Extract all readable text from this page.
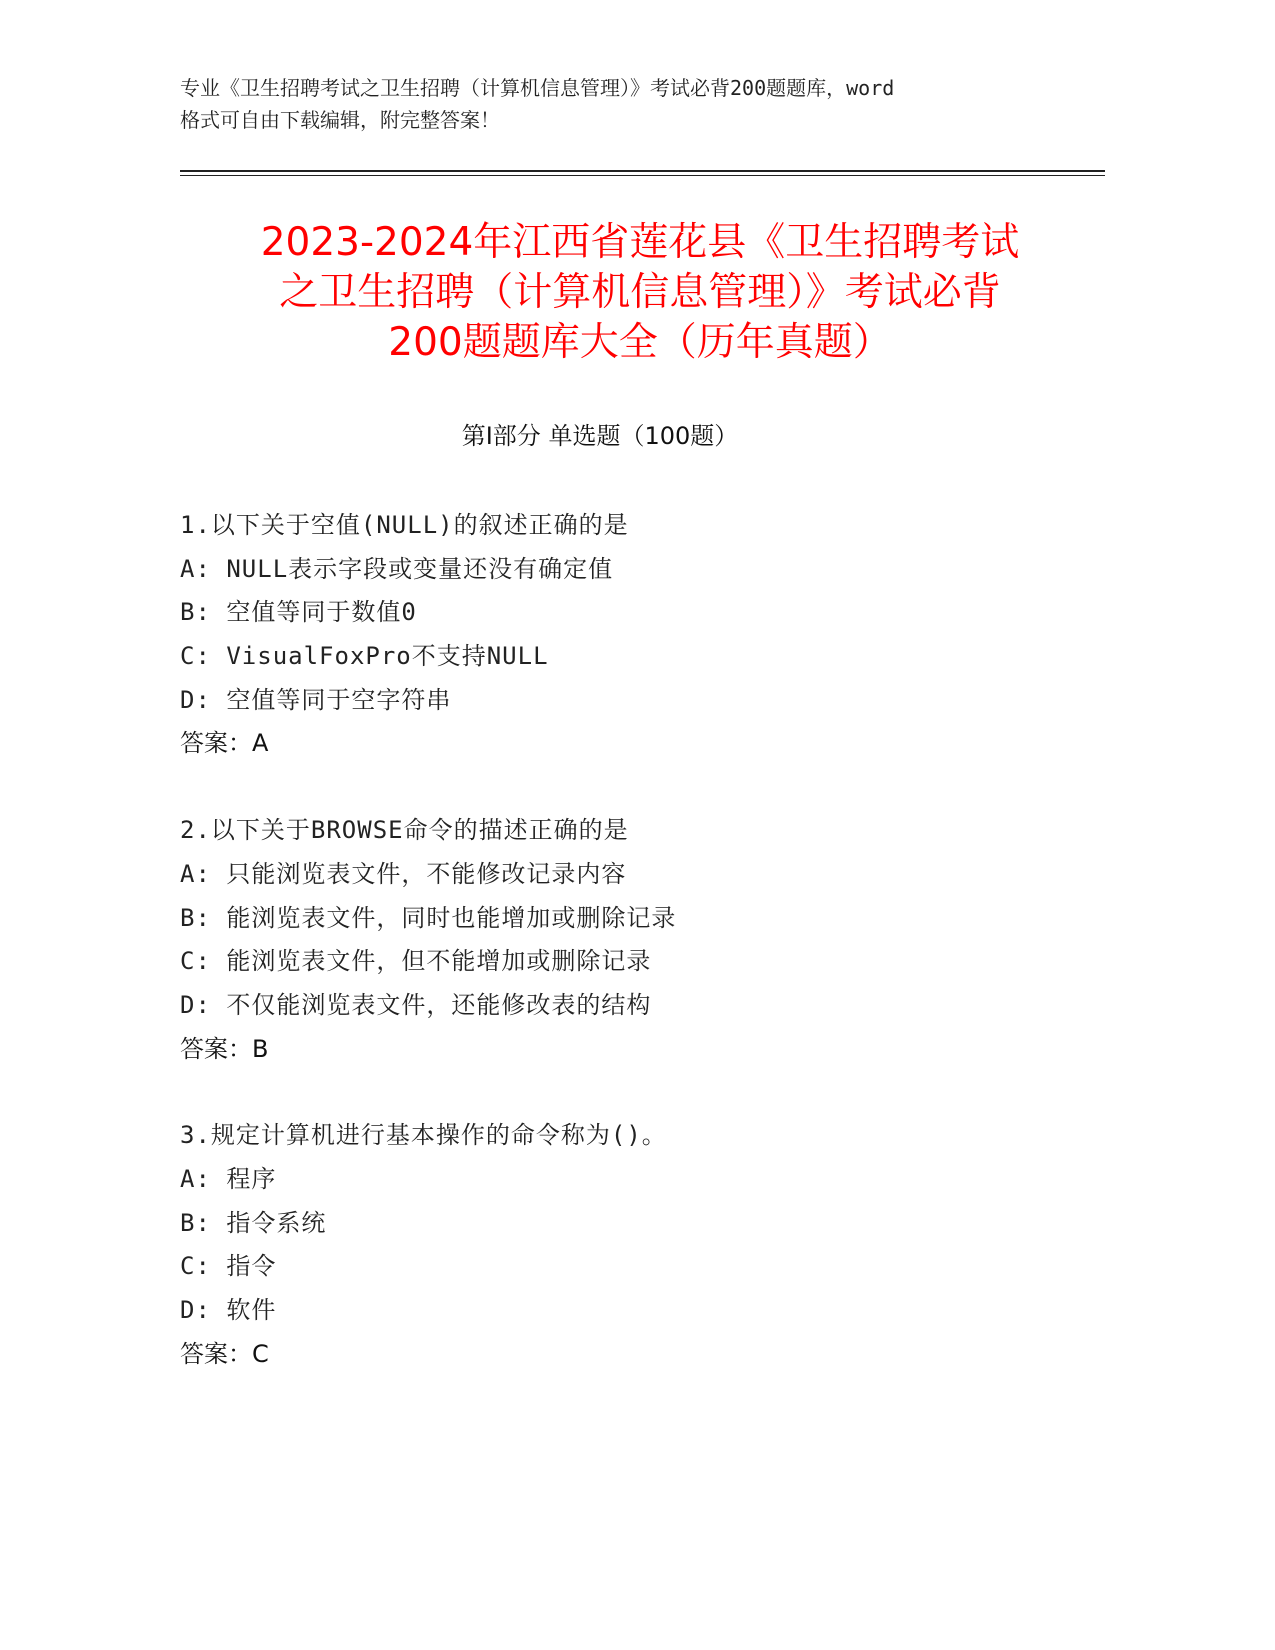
专业《卫生招聘考试之卫生招聘（计算机信息管理）》考试必背200题题库，word
格式可自由下载编辑，附完整答案！
2023-2024年江西省莲花县《卫生招聘考试
之卫生招聘（计算机信息管理）》考试必背
200题题库大全（历年真题）
第Ⅰ部分 单选题（100题）
1.以下关于空值(NULL)的叙述正确的是
A: NULL表示字段或变量还没有确定值
B: 空值等同于数值0
C: VisualFoxPro不支持NULL
D: 空值等同于空字符串
答案：A
2.以下关于BROWSE命令的描述正确的是
A: 只能浏览表文件，不能修改记录内容
B: 能浏览表文件，同时也能增加或删除记录
C: 能浏览表文件，但不能增加或删除记录
D: 不仅能浏览表文件，还能修改表的结构
答案：B
3.规定计算机进行基本操作的命令称为()。
A: 程序
B: 指令系统
C: 指令
D: 软件
答案：C
